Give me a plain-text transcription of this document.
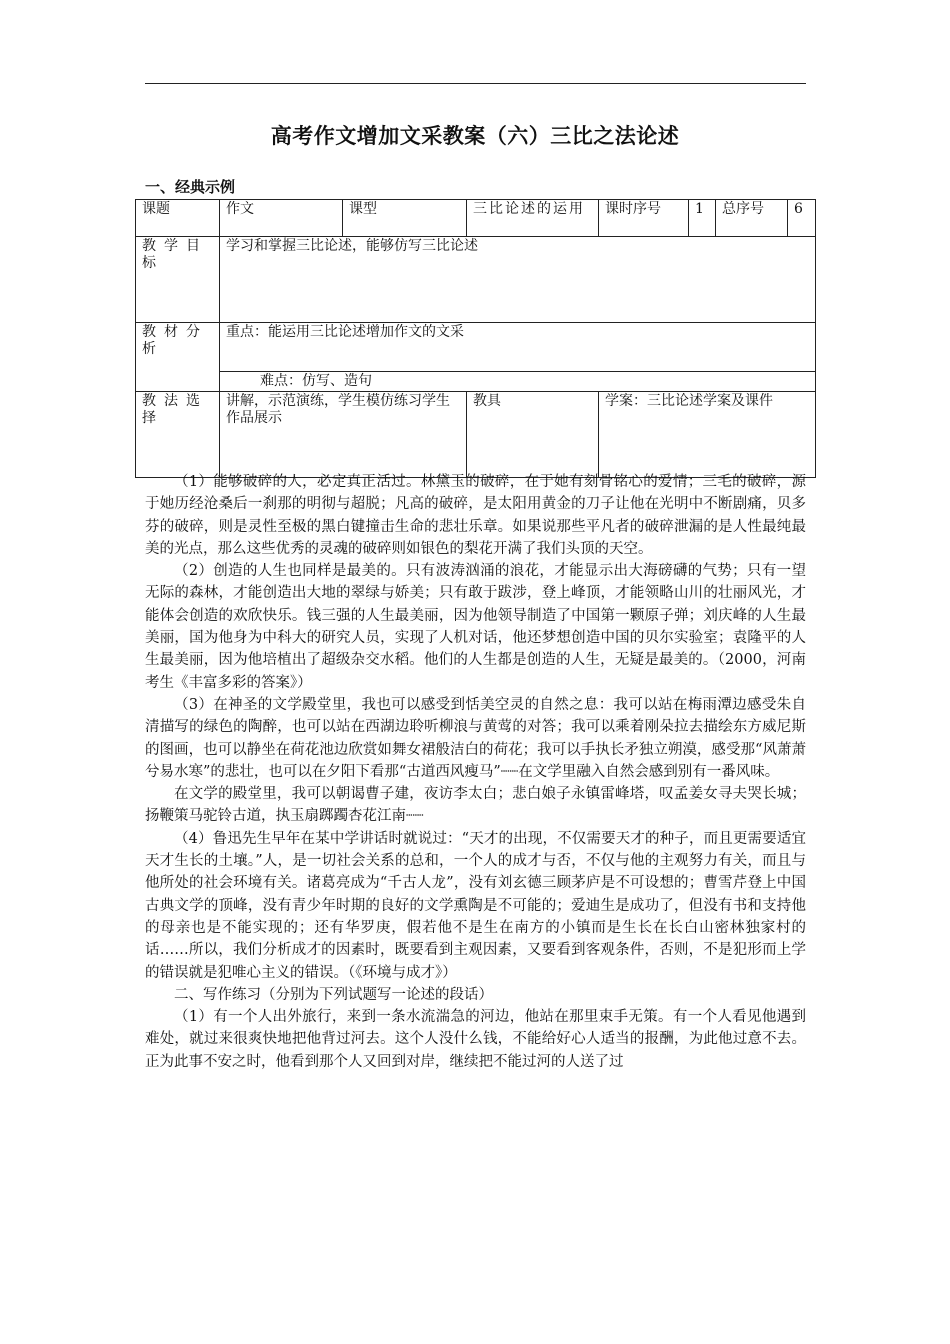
高考作文增加文采教案（六）三比之法论述
一、经典示例
课题	作文	课型	三比论述的运用	课时序号	1	总序号	6
教学目标	学习和掌握三比论述，能够仿写三比论述						
教材分析	重点：能运用三比论述增加作文的文采
难点：仿写、造句						

教法选择	讲解，示范演练，学生模仿练习学生作品展示		教具	学案：三比论述学案及课件			

（1）能够破碎的人，必定真正活过。林黛玉的破碎，在于她有刻骨铭心的爱情；三毛的破碎，源于她历经沧桑后一刹那的明彻与超脱；凡高的破碎，是太阳用黄金的刀子让他在光明中不断剧痛，贝多芬的破碎，则是灵性至极的黑白键撞击生命的悲壮乐章。如果说那些平凡者的破碎泄漏的是人性最纯最美的光点，那么这些优秀的灵魂的破碎则如银色的梨花开满了我们头顶的天空。

（2）创造的人生也同样是最美的。只有波涛汹涌的浪花，才能显示出大海磅礴的气势；只有一望无际的森林，才能创造出大地的翠绿与娇美；只有敢于跋涉，登上峰顶，才能领略山川的壮丽风光，才能体会创造的欢欣快乐。钱三强的人生最美丽，因为他领导制造了中国第一颗原子弹；刘庆峰的人生最美丽，国为他身为中科大的研究人员，实现了人机对话，他还梦想创造中国的贝尔实验室；袁隆平的人生最美丽，因为他培植出了超级杂交水稻。他们的人生都是创造的人生，无疑是最美的。（2000，河南考生《丰富多彩的答案》）

（3）在神圣的文学殿堂里，我也可以感受到恬美空灵的自然之息：我可以站在梅雨潭边感受朱自清描写的绿色的陶醉，也可以站在西湖边聆听柳浪与黄莺的对答；我可以乘着刚朵拉去描绘东方威尼斯的图画，也可以静坐在荷花池边欣赏如舞女裙般洁白的荷花；我可以手执长矛独立朔漠，感受那“风萧萧兮易水寒”的悲壮，也可以在夕阳下看那“古道西风瘦马”┈┈在文学里融入自然会感到别有一番风味。

在文学的殿堂里，我可以朝谒曹子建，夜访李太白；悲白娘子永镇雷峰塔，叹孟姜女寻夫哭长城；扬鞭策马驼铃古道，执玉扇踯躅杏花江南┈┈

（4）鲁迅先生早年在某中学讲话时就说过：“天才的出现，不仅需要天才的种子，而且更需要适宜天才生长的土壤。”人，是一切社会关系的总和，一个人的成才与否，不仅与他的主观努力有关，而且与他所处的社会环境有关。诸葛亮成为“千古人龙”，没有刘玄德三顾茅庐是不可设想的；曹雪芹登上中国古典文学的顶峰，没有青少年时期的良好的文学熏陶是不可能的；爱迪生是成功了，但没有书和支持他的母亲也是不能实现的；还有华罗庚，假若他不是生在南方的小镇而是生长在长白山密林独家村的话……所以，我们分析成才的因素时，既要看到主观因素，又要看到客观条件，否则，不是犯形而上学的错误就是犯唯心主义的错误。（《环境与成才》）

二、写作练习（分别为下列试题写一论述的段话）

（1）有一个人出外旅行，来到一条水流湍急的河边，他站在那里束手无策。有一个人看见他遇到难处，就过来很爽快地把他背过河去。这个人没什么钱，不能给好心人适当的报酬，为此他过意不去。正为此事不安之时，他看到那个人又回到对岸，继续把不能过河的人送了过
